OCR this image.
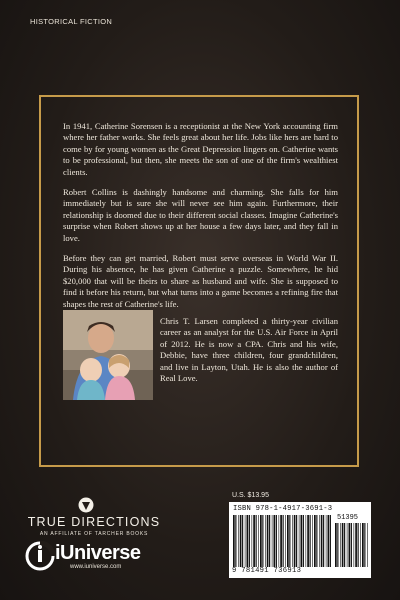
HISTORICAL FICTION

In 1941, Catherine Sorensen is a receptionist at the New York accounting firm where her father works. She feels great about her life. Jobs like hers are hard to come by for young women as the Great Depression lingers on. Catherine wants to be professional, but then, she meets the son of one of the firm's wealthiest clients.

Robert Collins is dashingly handsome and charming. She falls for him immediately but is sure she will never see him again. Furthermore, their relationship is doomed due to their different social classes. Imagine Catherine's surprise when Robert shows up at her house a few days later, and they fall in love.

Before they can get married, Robert must serve overseas in World War II. During his absence, he has given Catherine a puzzle. Somewhere, he hid $20,000 that will be theirs to share as husband and wife. She is supposed to find it before his return, but what turns into a game becomes a refining fire that shapes the rest of Catherine's life.

Chris T. Larsen completed a thirty-year civilian career as an analyst for the U.S. Air Force in April of 2012. He is now a CPA. Chris and his wife, Debbie, have three children, four grandchildren, and live in Layton, Utah. He is also the author of Real Love.
TRUE DIRECTIONS
AN AFFILIATE OF TARCHER BOOKS
iUniverse
www.iuniverse.com
U.S. $13.95
ISBN 978-1-4917-3691-3
51395
9 781491 736913
